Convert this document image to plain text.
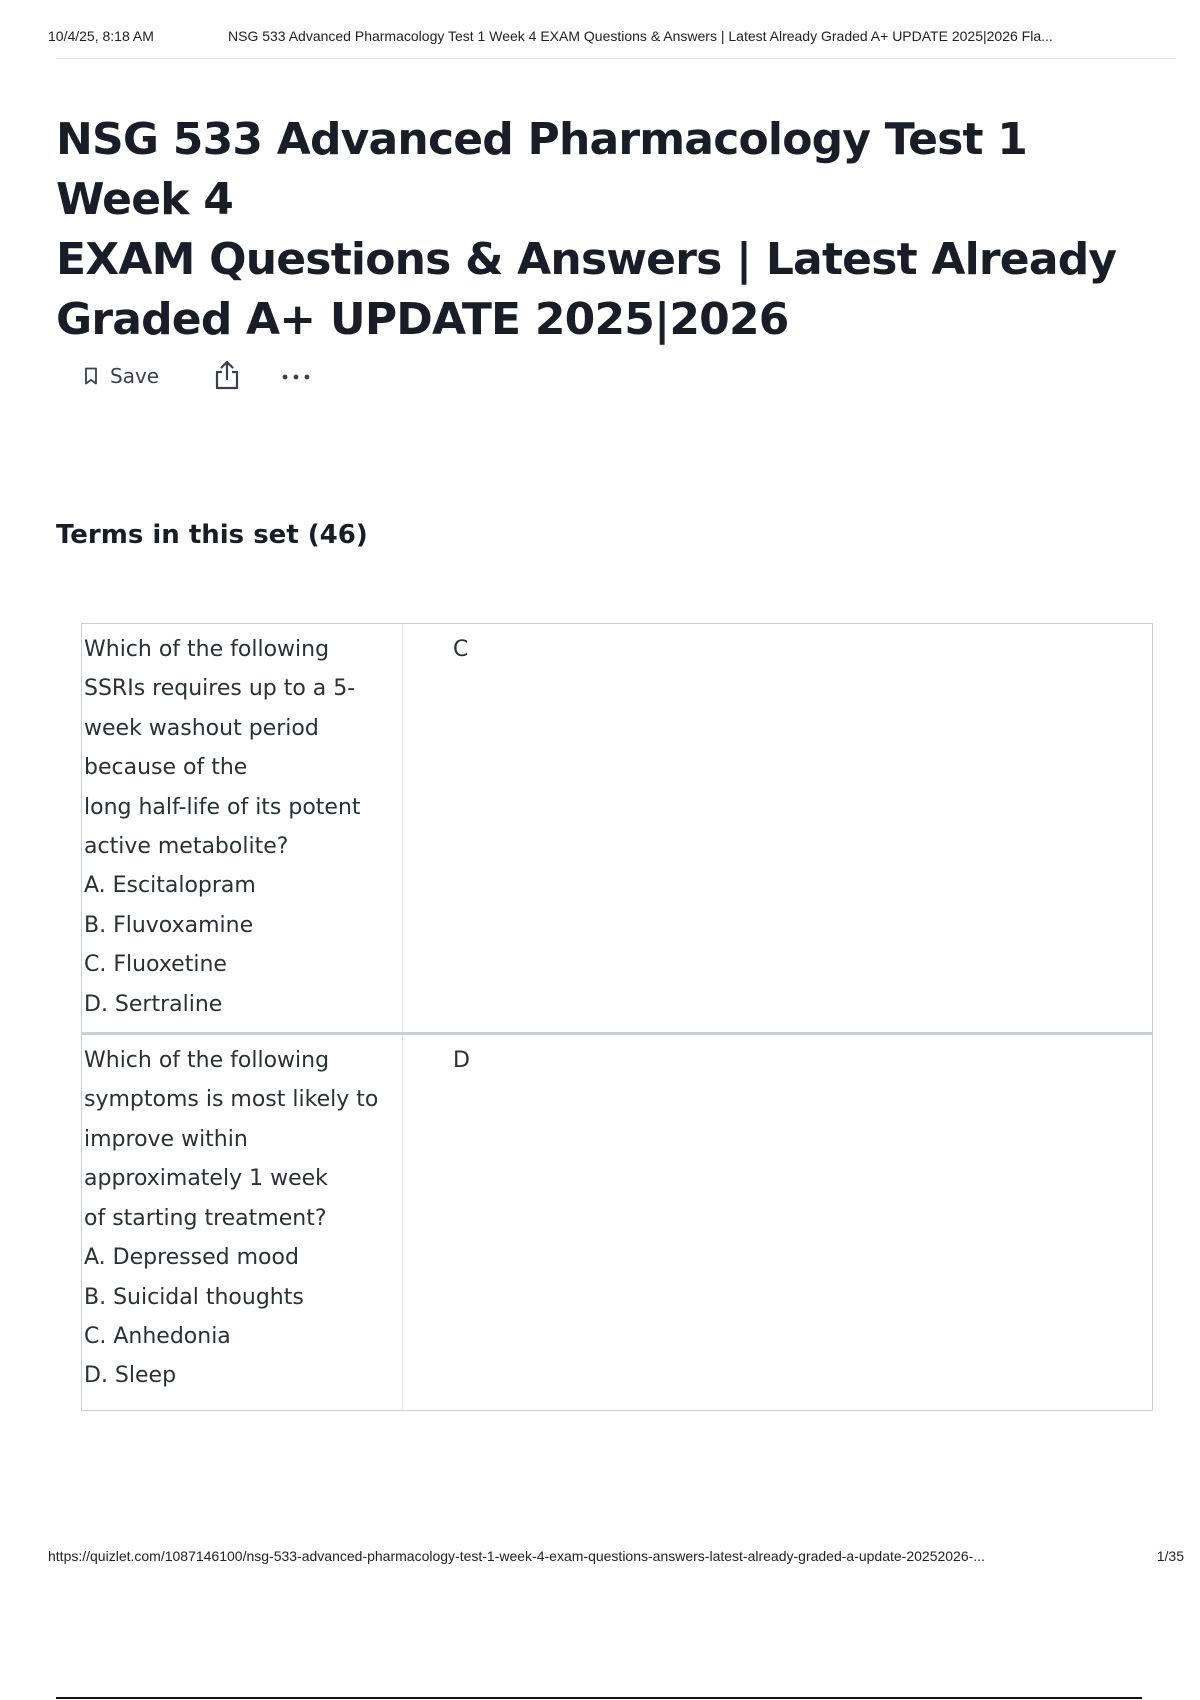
10/4/25, 8:18 AM	NSG 533 Advanced Pharmacology Test 1 Week 4 EXAM Questions & Answers | Latest Already Graded A+ UPDATE 2025|2026 Fla...
NSG 533 Advanced Pharmacology Test 1 Week 4
EXAM Questions & Answers | Latest Already
Graded A+ UPDATE 2025|2026
Save
Terms in this set (46)
Which of the following
SSRIs requires up to a 5-
week washout period
because of the
long half-life of its potent
active metabolite?
A. Escitalopram
B. Fluvoxamine
C. Fluoxetine
D. Sertraline
C
Which of the following
symptoms is most likely to
improve within
approximately 1 week
of starting treatment?
A. Depressed mood
B. Suicidal thoughts
C. Anhedonia
D. Sleep
D
https://quizlet.com/1087146100/nsg-533-advanced-pharmacology-test-1-week-4-exam-questions-answers-latest-already-graded-a-update-20252026-...	1/35
